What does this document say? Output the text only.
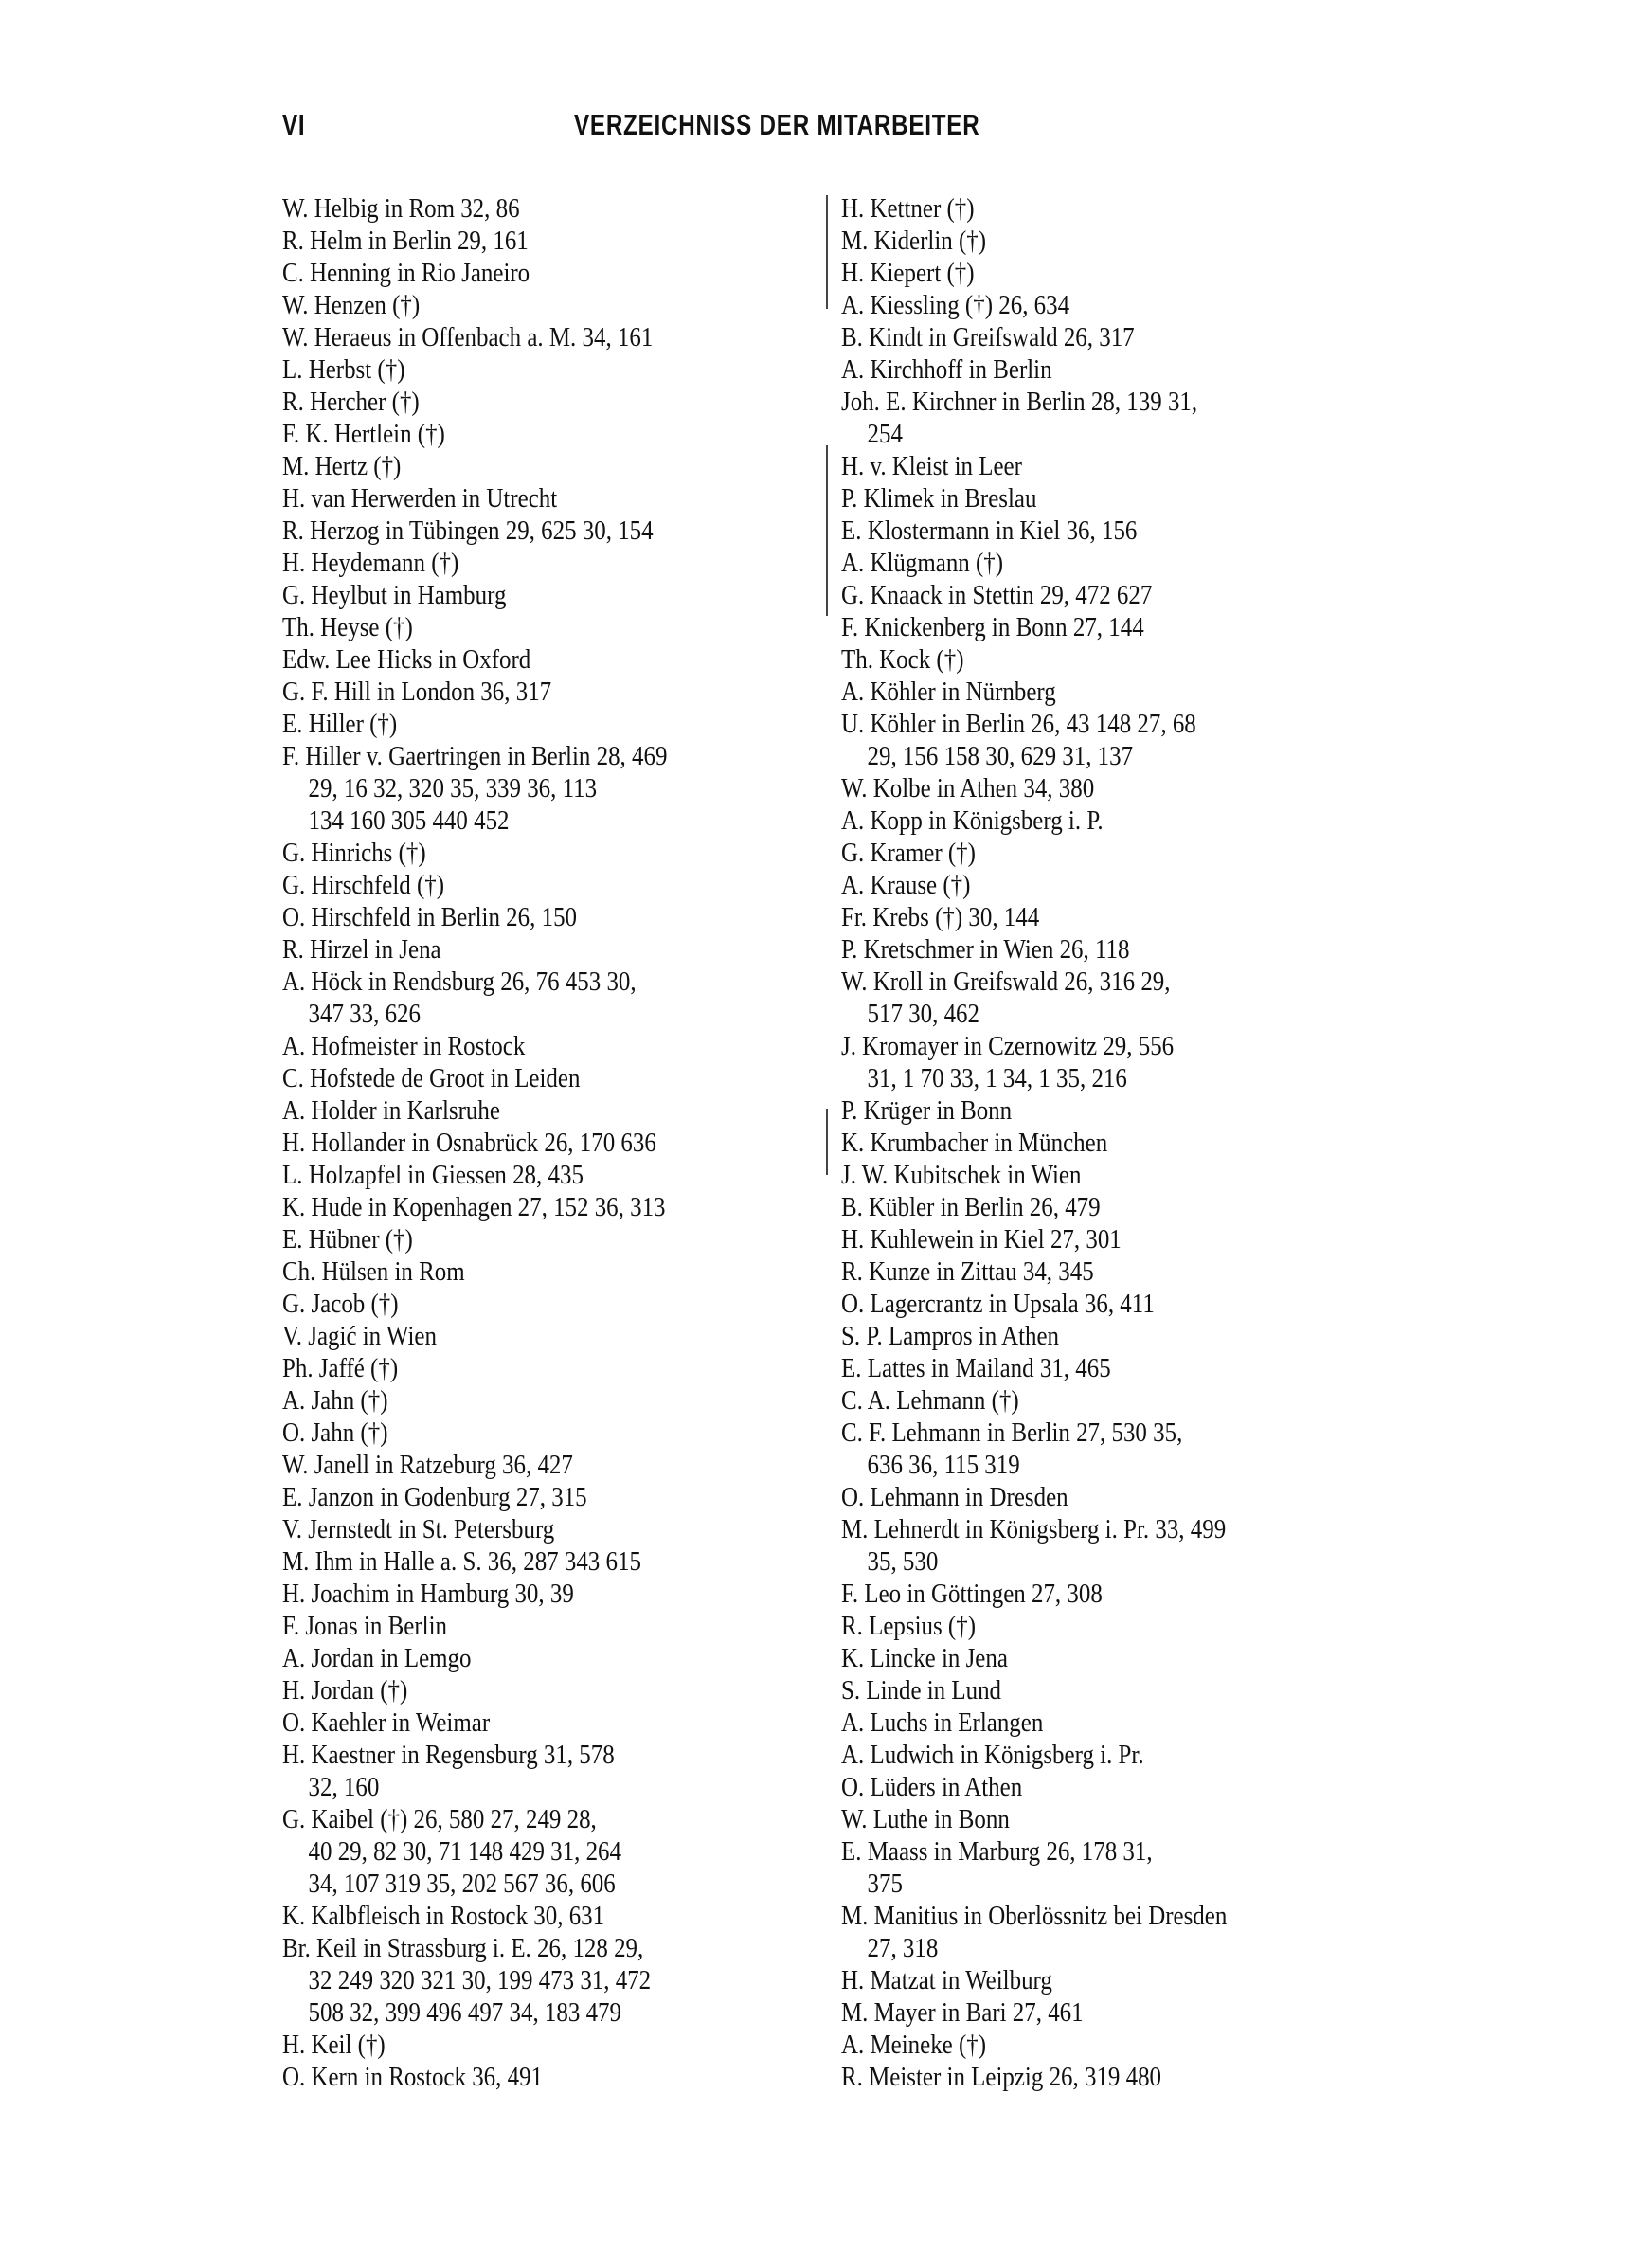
VI	VERZEICHNISS DER MITARBEITER
W. Helbig in Rom 32, 86
R. Helm in Berlin 29, 161
C. Henning in Rio Janeiro
W. Henzen (†)
W. Heraeus in Offenbach a. M. 34, 161
L. Herbst (†)
R. Hercher (†)
F. K. Hertlein (†)
M. Hertz (†)
H. van Herwerden in Utrecht
R. Herzog in Tübingen 29, 625 30, 154
H. Heydemann (†)
G. Heylbut in Hamburg
Th. Heyse (†)
Edw. Lee Hicks in Oxford
G. F. Hill in London 36, 317
E. Hiller (†)
F. Hiller v. Gaertringen in Berlin 28, 469
29, 16 32, 320 35, 339 36, 113
134 160 305 440 452
G. Hinrichs (†)
G. Hirschfeld (†)
O. Hirschfeld in Berlin 26, 150
R. Hirzel in Jena
A. Höck in Rendsburg 26, 76 453 30,
347 33, 626
A. Hofmeister in Rostock
C. Hofstede de Groot in Leiden
A. Holder in Karlsruhe
H. Hollander in Osnabrück 26, 170 636
L. Holzapfel in Giessen 28, 435
K. Hude in Kopenhagen 27, 152 36, 313
E. Hübner (†)
Ch. Hülsen in Rom
G. Jacob (†)
V. Jagić in Wien
Ph. Jaffé (†)
A. Jahn (†)
O. Jahn (†)
W. Janell in Ratzeburg 36, 427
E. Janzon in Godenburg 27, 315
V. Jernstedt in St. Petersburg
M. Ihm in Halle a. S. 36, 287 343 615
H. Joachim in Hamburg 30, 39
F. Jonas in Berlin
A. Jordan in Lemgo
H. Jordan (†)
O. Kaehler in Weimar
H. Kaestner in Regensburg 31, 578
32, 160
G. Kaibel (†) 26, 580 27, 249 28,
40 29, 82 30, 71 148 429 31, 264
34, 107 319 35, 202 567 36, 606
K. Kalbfleisch in Rostock 30, 631
Br. Keil in Strassburg i. E. 26, 128 29,
32 249 320 321 30, 199 473 31, 472
508 32, 399 496 497 34, 183 479
H. Keil (†)
O. Kern in Rostock 36, 491
H. Kettner (†)
M. Kiderlin (†)
H. Kiepert (†)
A. Kiessling (†) 26, 634
B. Kindt in Greifswald 26, 317
A. Kirchhoff in Berlin
Joh. E. Kirchner in Berlin 28, 139 31,
254
H. v. Kleist in Leer
P. Klimek in Breslau
E. Klostermann in Kiel 36, 156
A. Klügmann (†)
G. Knaack in Stettin 29, 472 627
F. Knickenberg in Bonn 27, 144
Th. Kock (†)
A. Köhler in Nürnberg
U. Köhler in Berlin 26, 43 148 27, 68
29, 156 158 30, 629 31, 137
W. Kolbe in Athen 34, 380
A. Kopp in Königsberg i. P.
G. Kramer (†)
A. Krause (†)
Fr. Krebs (†) 30, 144
P. Kretschmer in Wien 26, 118
W. Kroll in Greifswald 26, 316 29,
517 30, 462
J. Kromayer in Czernowitz 29, 556
31, 1 70 33, 1 34, 1 35, 216
P. Krüger in Bonn
K. Krumbacher in München
J. W. Kubitschek in Wien
B. Kübler in Berlin 26, 479
H. Kuhlewein in Kiel 27, 301
R. Kunze in Zittau 34, 345
O. Lagercrantz in Upsala 36, 411
S. P. Lampros in Athen
E. Lattes in Mailand 31, 465
C. A. Lehmann (†)
C. F. Lehmann in Berlin 27, 530 35,
636 36, 115 319
O. Lehmann in Dresden
M. Lehnerdt in Königsberg i. Pr. 33, 499
35, 530
F. Leo in Göttingen 27, 308
R. Lepsius (†)
K. Lincke in Jena
S. Linde in Lund
A. Luchs in Erlangen
A. Ludwich in Königsberg i. Pr.
O. Lüders in Athen
W. Luthe in Bonn
E. Maass in Marburg 26, 178 31,
375
M. Manitius in Oberlössnitz bei Dresden
27, 318
H. Matzat in Weilburg
M. Mayer in Bari 27, 461
A. Meineke (†)
R. Meister in Leipzig 26, 319 480
